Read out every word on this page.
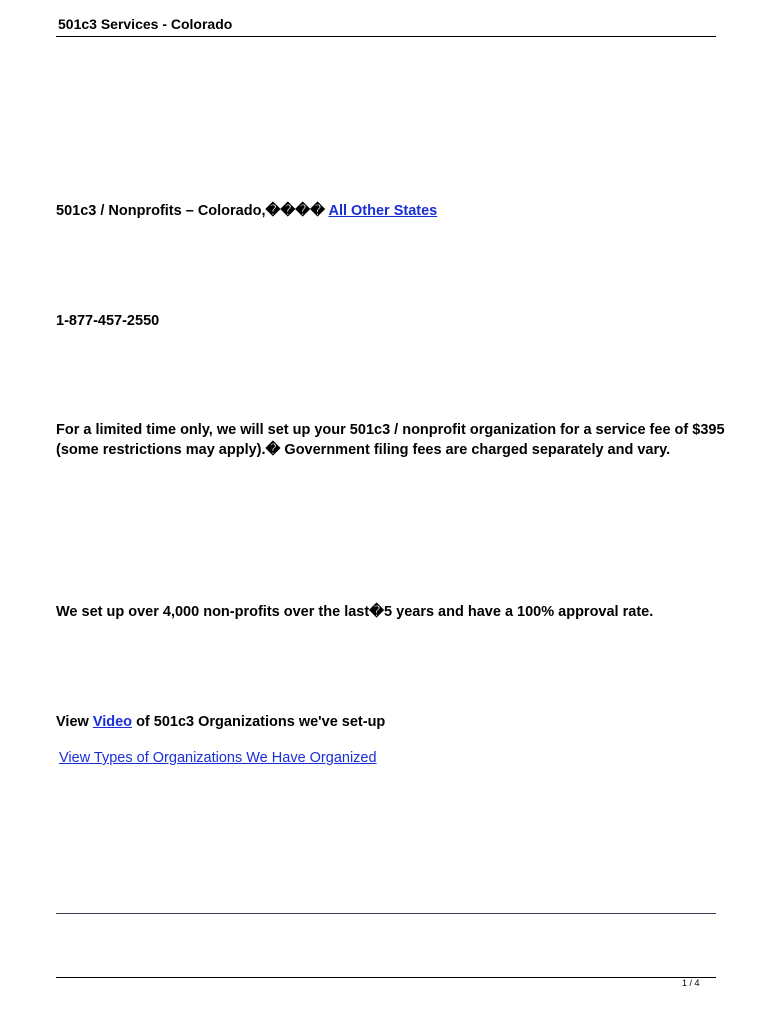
501c3 Services - Colorado
501c3 / Nonprofits – Colorado,���� All Other States
1-877-457-2550
For a limited time only, we will set up your 501c3 / nonprofit organization for a service fee of $395 (some restrictions may apply).� Government filing fees are charged separately and vary.
We set up over 4,000 non-profits over the last�5 years and have a 100% approval rate.
View Video of 501c3 Organizations we've set-up
View Types of Organizations We Have Organized
1 / 4
